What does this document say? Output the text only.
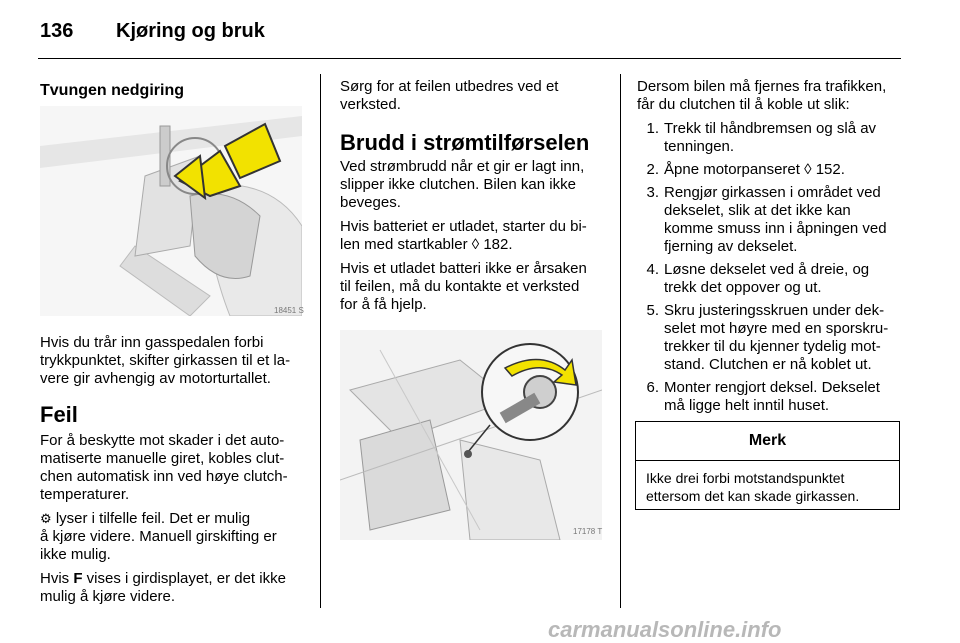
136 Kjøring og bruk
Tvungen nedgiring
18451 S

Hvis du trår inn gasspedalen forbi
trykkpunktet, skifter girkassen til et la-
vere gir avhengig av motorturtallet.

Feil

For å beskytte mot skader i det auto-
matiserte manuelle giret, kobles clut-
chen automatisk inn ved høye clutch-
temperaturer.

⚙ lyser i tilfelle feil. Det er mulig
å kjøre videre. Manuell girskifting er
ikke mulig.

Hvis F vises i girdisplayet, er det ikke
mulig å kjøre videre.

Sørg for at feilen utbedres ved et
verksted.

Brudd i strømtilførselen

Ved strømbrudd når et gir er lagt inn,
slipper ikke clutchen. Bilen kan ikke
beveges.

Hvis batteriet er utladet, starter du bi-
len med startkabler ◊ 182.

Hvis et utladet batteri ikke er årsaken
til feilen, må du kontakte et verksted
for å få hjelp.

17178 T

Dersom bilen må fjernes fra trafikken,
får du clutchen til å koble ut slik:

1. Trekk til håndbremsen og slå av
tenningen.
2. Åpne motorpanseret ◊ 152.
3. Rengjør girkassen i området ved
dekselet, slik at det ikke kan
komme smuss inn i åpningen ved
fjerning av dekselet.
4. Løsne dekselet ved å dreie, og
trekk det oppover og ut.
5. Skru justeringsskruen under dek-
selet mot høyre med en sporskru-
trekker til du kjenner tydelig mot-
stand. Clutchen er nå koblet ut.
6. Monter rengjort deksel. Dekselet
må ligge helt inntil huset.
Merk
Ikke drei forbi motstandspunktet
ettersom det kan skade girkassen.
carmanualsonline.info
